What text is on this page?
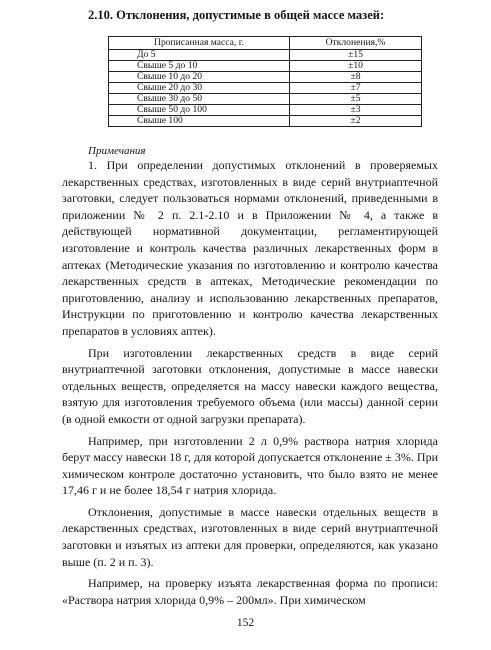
2.10. Отклонения, допустимые в общей массе мазей:
Прописанная масса, г.	Отклонения,%
До 5	±15
Свыше 5 до 10	±10
Свыше 10 до 20	±8
Свыше 20 до 30	±7
Свыше 30 до 50	±5
Свыше 50 до 100	±3
Свыше 100	±2
Примечания

1. При определении допустимых отклонений в проверяемых лекарственных средствах, изготовленных в виде серий внутриаптечной заготовки, следует пользоваться нормами отклонений, приведенными в приложении № 2 п. 2.1-2.10 и в Приложении № 4, а также в действующей нормативной документации, регламентирующей изготовление и контроль качества различных лекарственных форм в аптеках (Методические указания по изготовлению и контролю качества лекарственных средств в аптеках, Методические рекомендации по приготовлению, анализу и использованию лекарственных препаратов, Инструкции по приготовлению и контролю качества лекарственных препаратов в условиях аптек).

При изготовлении лекарственных средств в виде серий внутриаптечной заготовки отклонения, допустимые в массе навески отдельных веществ, определяется на массу навески каждого вещества, взятую для изготовления требуемого объема (или массы) данной серии (в одной емкости от одной загрузки препарата).

Например, при изготовлении 2 л 0,9% раствора натрия хлорида берут массу навески 18 г, для которой допускается отклонение ± 3%. При химическом контроле достаточно установить, что было взято не менее 17,46 г и не более 18,54 г натрия хлорида.

Отклонения, допустимые в массе навески отдельных веществ в лекарственных средствах, изготовленных в виде серий внутриаптечной заготовки и изъятых из аптеки для проверки, определяются, как указано выше (п. 2 и п. 3).

Например, на проверку изъята лекарственная форма по прописи: «Раствора натрия хлорида 0,9% – 200мл». При химическом

152
